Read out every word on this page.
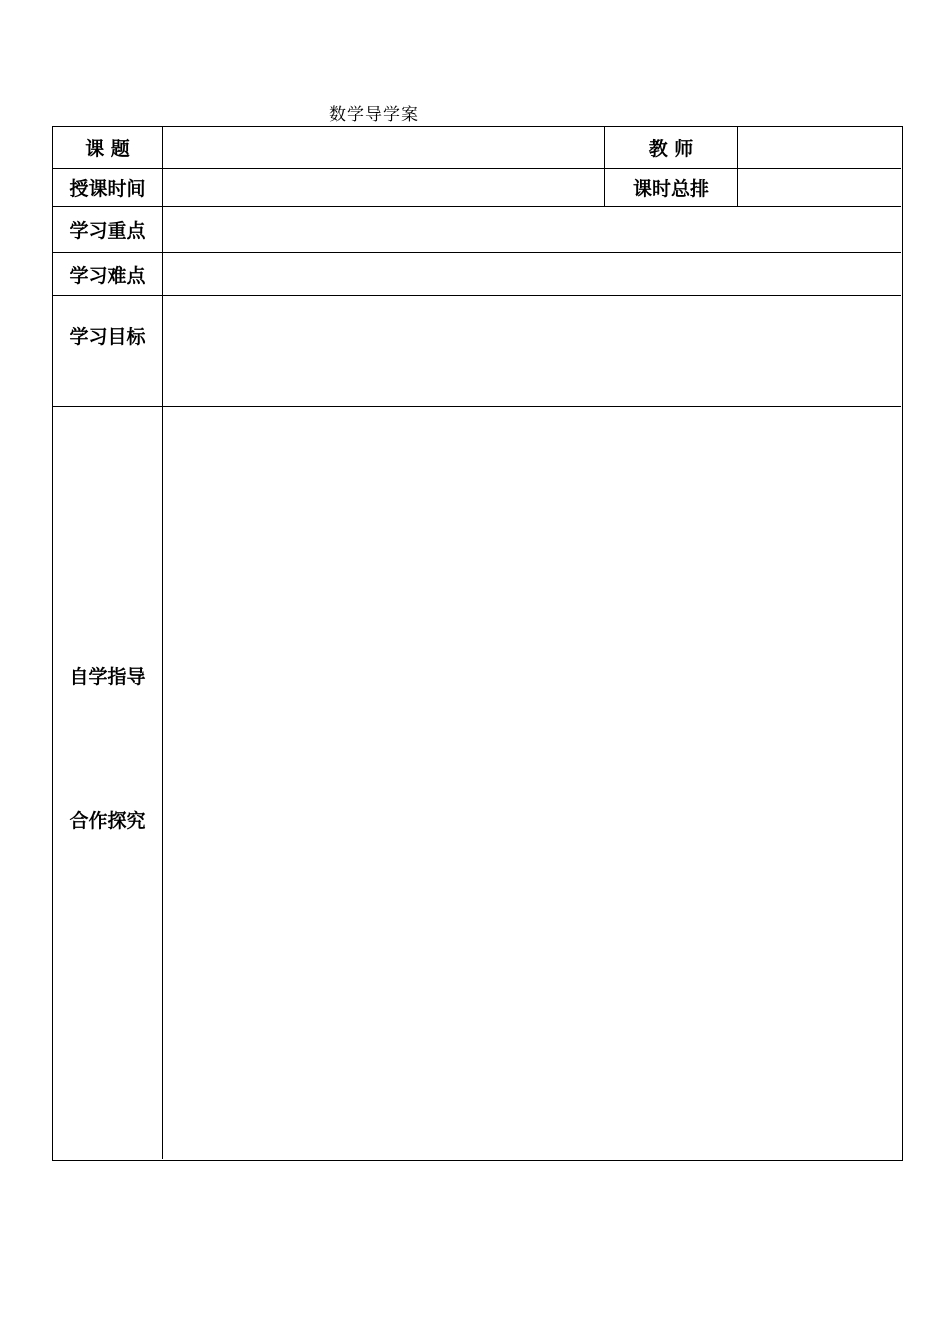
数学导学案
课 题	教 师
授课时间	课时总排
学习重点
学习难点
学习目标
自学指导
合作探究
